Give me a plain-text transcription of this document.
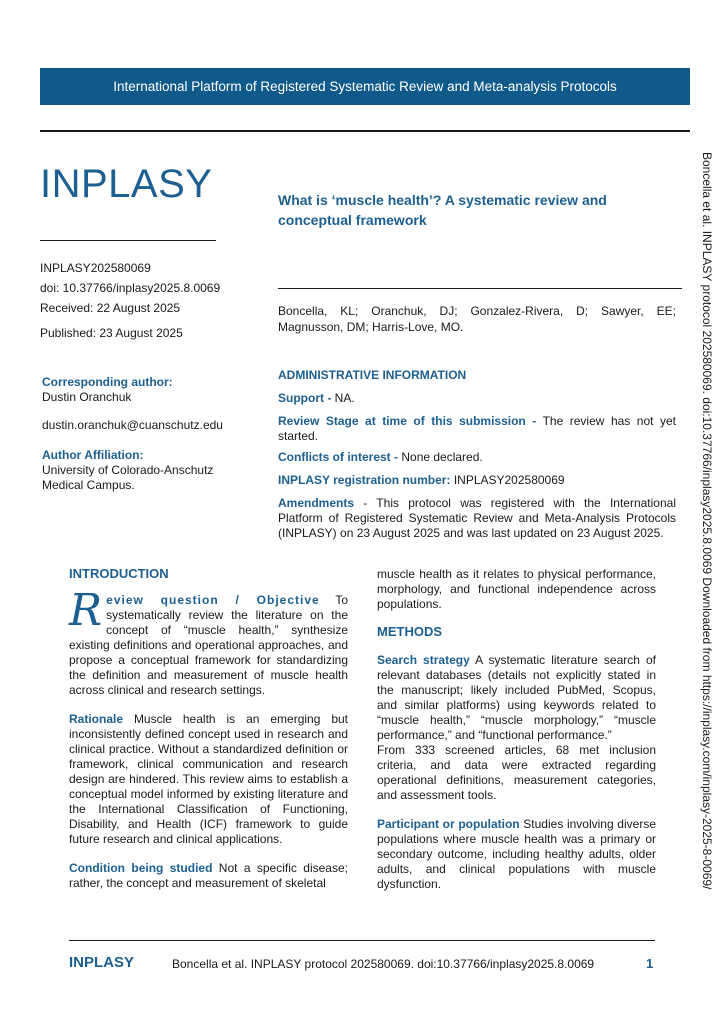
International Platform of Registered Systematic Review and Meta-analysis Protocols
INPLASY
INPLASY202580069
doi: 10.37766/inplasy2025.8.0069
Received: 22 August 2025
Published: 23 August 2025
Corresponding author:
Dustin Oranchuk
dustin.oranchuk@cuanschutz.edu
Author Affiliation:
University of Colorado-Anschutz Medical Campus.
What is ‘muscle health’? A systematic review and conceptual framework
Boncella, KL; Oranchuk, DJ; Gonzalez-Rivera, D; Sawyer, EE; Magnusson, DM; Harris-Love, MO.
ADMINISTRATIVE INFORMATION
Support - NA.
Review Stage at time of this submission - The review has not yet started.
Conflicts of interest - None declared.
INPLASY registration number: INPLASY202580069
Amendments - This protocol was registered with the International Platform of Registered Systematic Review and Meta-Analysis Protocols (INPLASY) on 23 August 2025 and was last updated on 23 August 2025.
INTRODUCTION
Review question / Objective To systematically review the literature on the concept of “muscle health,” synthesize existing definitions and operational approaches, and propose a conceptual framework for standardizing the definition and measurement of muscle health across clinical and research settings.
Rationale Muscle health is an emerging but inconsistently defined concept used in research and clinical practice. Without a standardized definition or framework, clinical communication and research design are hindered. This review aims to establish a conceptual model informed by existing literature and the International Classification of Functioning, Disability, and Health (ICF) framework to guide future research and clinical applications.
Condition being studied Not a specific disease; rather, the concept and measurement of skeletal
muscle health as it relates to physical performance, morphology, and functional independence across populations.
METHODS
Search strategy A systematic literature search of relevant databases (details not explicitly stated in the manuscript; likely included PubMed, Scopus, and similar platforms) using keywords related to “muscle health,” “muscle morphology,” “muscle performance,” and “functional performance.”
From 333 screened articles, 68 met inclusion criteria, and data were extracted regarding operational definitions, measurement categories, and assessment tools.
Participant or population Studies involving diverse populations where muscle health was a primary or secondary outcome, including healthy adults, older adults, and clinical populations with muscle dysfunction.	Boncella et al. INPLASY protocol 202580069. doi:10.37766/inplasy2025.8.0069 Downloaded from https://inplasy.com/inplasy-2025-8-0069/
INPLASY	Boncella et al. INPLASY protocol 202580069. doi:10.37766/inplasy2025.8.0069	1
